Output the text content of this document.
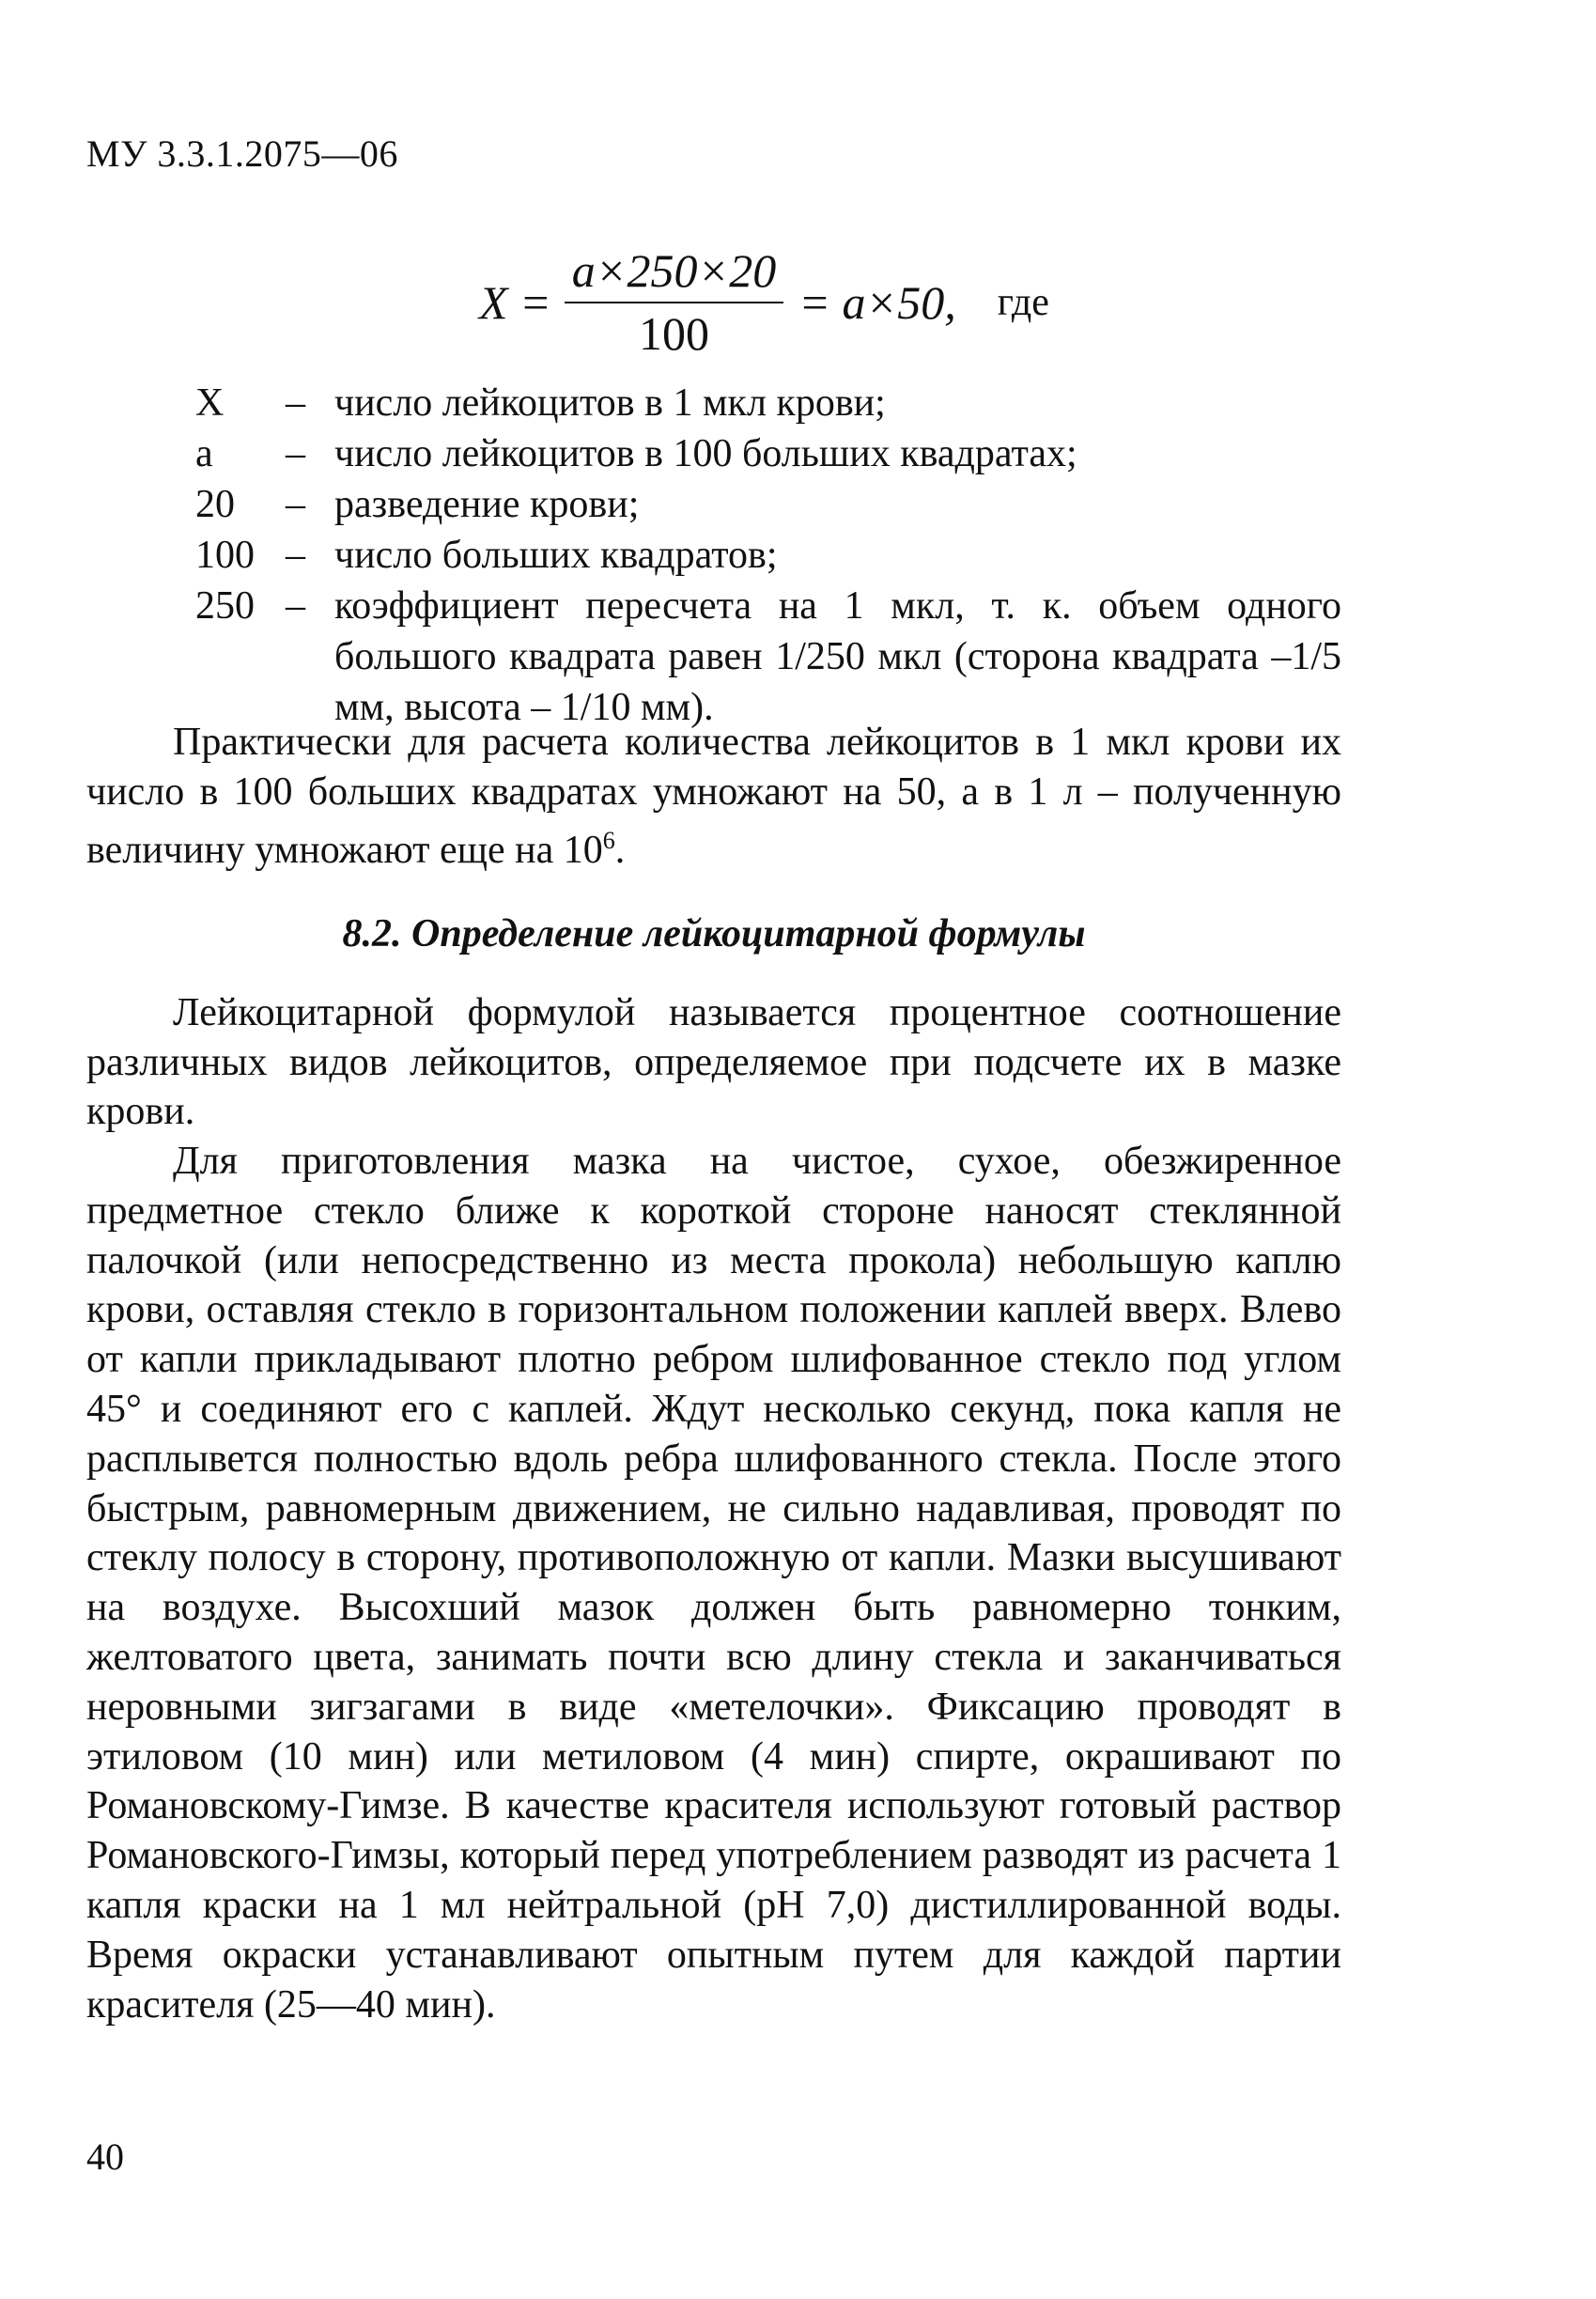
МУ 3.3.1.2075—06
$X = \frac{a\times 250\times 20}{100} = a\times 50$, где
Х	– число лейкоцитов в 1 мкл крови;
а	– число лейкоцитов в 100 больших квадратах;
20	– разведение крови;
100 – число больших квадратов;
250 – коэффициент пересчета на 1 мкл, т. к. объем одного большого квадрата равен 1/250 мкл (сторона квадрата –1/5 мм, высота – 1/10 мм).

Практически для расчета количества лейкоцитов в 1 мкл крови их число в 100 больших квадратах умножают на 50, а в 1 л – полученную величину умножают еще на $10^6$.

8.2. Определение лейкоцитарной формулы

Лейкоцитарной формулой называется процентное соотношение различных видов лейкоцитов, определяемое при подсчете их в мазке крови.

Для приготовления мазка на чистое, сухое, обезжиренное предметное стекло ближе к короткой стороне наносят стеклянной палочкой (или непосредственно из места прокола) небольшую каплю крови, оставляя стекло в горизонтальном положении каплей вверх. Влево от капли прикладывают плотно ребром шлифованное стекло под углом 45° и соединяют его с каплей. Ждут несколько секунд, пока капля не расплывется полностью вдоль ребра шлифованного стекла. После этого быстрым, равномерным движением, не сильно надавливая, проводят по стеклу полосу в сторону, противоположную от капли. Мазки высушивают на воздухе. Высохший мазок должен быть равномерно тонким, желтоватого цвета, занимать почти всю длину стекла и заканчиваться неровными зигзагами в виде «метелочки». Фиксацию проводят в этиловом (10 мин) или метиловом (4 мин) спирте, окрашивают по Романовскому-Гимзе. В качестве красителя используют готовый раствор Романовского-Гимзы, который перед употреблением разводят из расчета 1 капля краски на 1 мл нейтральной (рН 7,0) дистиллированной воды. Время окраски устанавливают опытным путем для каждой партии красителя (25—40 мин).

40
